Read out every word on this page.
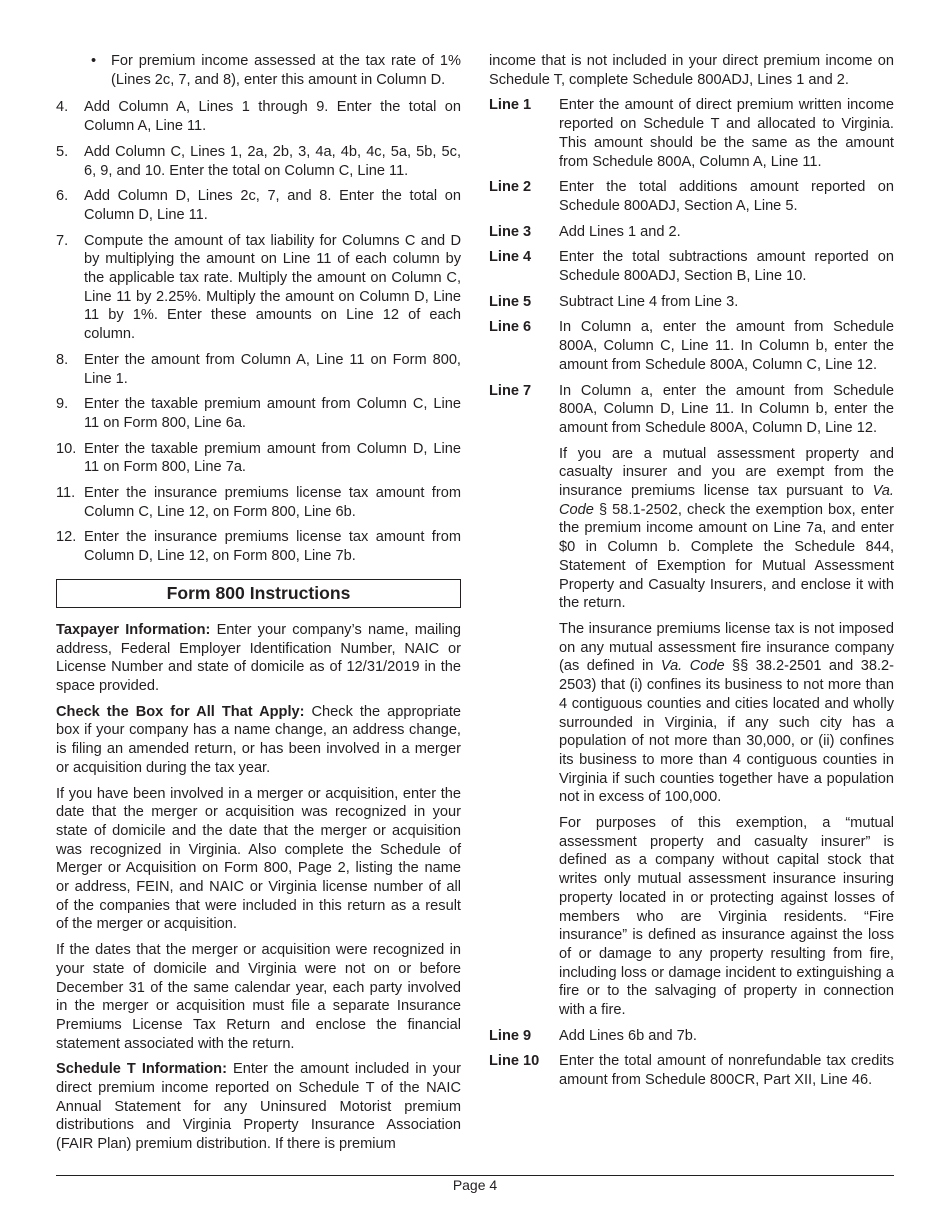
• For premium income assessed at the tax rate of 1% (Lines 2c, 7, and 8), enter this amount in Column D.
4. Add Column A, Lines 1 through 9. Enter the total on Column A, Line 11.
5. Add Column C, Lines 1, 2a, 2b, 3, 4a, 4b, 4c, 5a, 5b, 5c, 6, 9, and 10. Enter the total on Column C, Line 11.
6. Add Column D, Lines 2c, 7, and 8. Enter the total on Column D, Line 11.
7. Compute the amount of tax liability for Columns C and D by multiplying the amount on Line 11 of each column by the applicable tax rate. Multiply the amount on Column C, Line 11 by 2.25%. Multiply the amount on Column D, Line 11 by 1%. Enter these amounts on Line 12 of each column.
8. Enter the amount from Column A, Line 11 on Form 800, Line 1.
9. Enter the taxable premium amount from Column C, Line 11 on Form 800, Line 6a.
10. Enter the taxable premium amount from Column D, Line 11 on Form 800, Line 7a.
11. Enter the insurance premiums license tax amount from Column C, Line 12, on Form 800, Line 6b.
12. Enter the insurance premiums license tax amount from Column D, Line 12, on Form 800, Line 7b.
Form 800 Instructions

Taxpayer Information: Enter your company’s name, mailing address, Federal Employer Identification Number, NAIC or License Number and state of domicile as of 12/31/2019 in the space provided.

Check the Box for All That Apply: Check the appropriate box if your company has a name change, an address change, is filing an amended return, or has been involved in a merger or acquisition during the tax year.

If you have been involved in a merger or acquisition, enter the date that the merger or acquisition was recognized in your state of domicile and the date that the merger or acquisition was recognized in Virginia. Also complete the Schedule of Merger or Acquisition on Form 800, Page 2, listing the name or address, FEIN, and NAIC or Virginia license number of all of the companies that were included in this return as a result of the merger or acquisition.

If the dates that the merger or acquisition were recognized in your state of domicile and Virginia were not on or before December 31 of the same calendar year, each party involved in the merger or acquisition must file a separate Insurance Premiums License Tax Return and enclose the financial statement associated with the return.

Schedule T Information: Enter the amount included in your direct premium income reported on Schedule T of the NAIC Annual Statement for any Uninsured Motorist premium distributions and Virginia Property Insurance Association (FAIR Plan) premium distribution. If there is premium

income that is not included in your direct premium income on Schedule T, complete Schedule 800ADJ, Lines 1 and 2.

Line 1 Enter the amount of direct premium written income reported on Schedule T and allocated to Virginia. This amount should be the same as the amount from Schedule 800A, Column A, Line 11.
Line 2 Enter the total additions amount reported on Schedule 800ADJ, Section A, Line 5.
Line 3 Add Lines 1 and 2.
Line 4 Enter the total subtractions amount reported on Schedule 800ADJ, Section B, Line 10.
Line 5 Subtract Line 4 from Line 3.
Line 6 In Column a, enter the amount from Schedule 800A, Column C, Line 11. In Column b, enter the amount from Schedule 800A, Column C, Line 12.
Line 7 In Column a, enter the amount from Schedule 800A, Column D, Line 11. In Column b, enter the amount from Schedule 800A, Column D, Line 12.

If you are a mutual assessment property and casualty insurer and you are exempt from the insurance premiums license tax pursuant to Va. Code § 58.1-2502, check the exemption box, enter the premium income amount on Line 7a, and enter $0 in Column b. Complete the Schedule 844, Statement of Exemption for Mutual Assessment Property and Casualty Insurers, and enclose it with the return.

The insurance premiums license tax is not imposed on any mutual assessment fire insurance company (as defined in Va. Code §§ 38.2-2501 and 38.2-2503) that (i) confines its business to not more than 4 contiguous counties and cities located and wholly surrounded in Virginia, if any such city has a population of not more than 30,000, or (ii) confines its business to more than 4 contiguous counties in Virginia if such counties together have a population not in excess of 100,000.

For purposes of this exemption, a “mutual assessment property and casualty insurer” is defined as a company without capital stock that writes only mutual assessment insurance insuring property located in or protecting against losses of members who are Virginia residents. “Fire insurance” is defined as insurance against the loss of or damage to any property resulting from fire, including loss or damage incident to extinguishing a fire or to the salvaging of property in connection with a fire.

Line 9 Add Lines 6b and 7b.
Line 10 Enter the total amount of nonrefundable tax credits amount from Schedule 800CR, Part XII, Line 46.
Page 4
